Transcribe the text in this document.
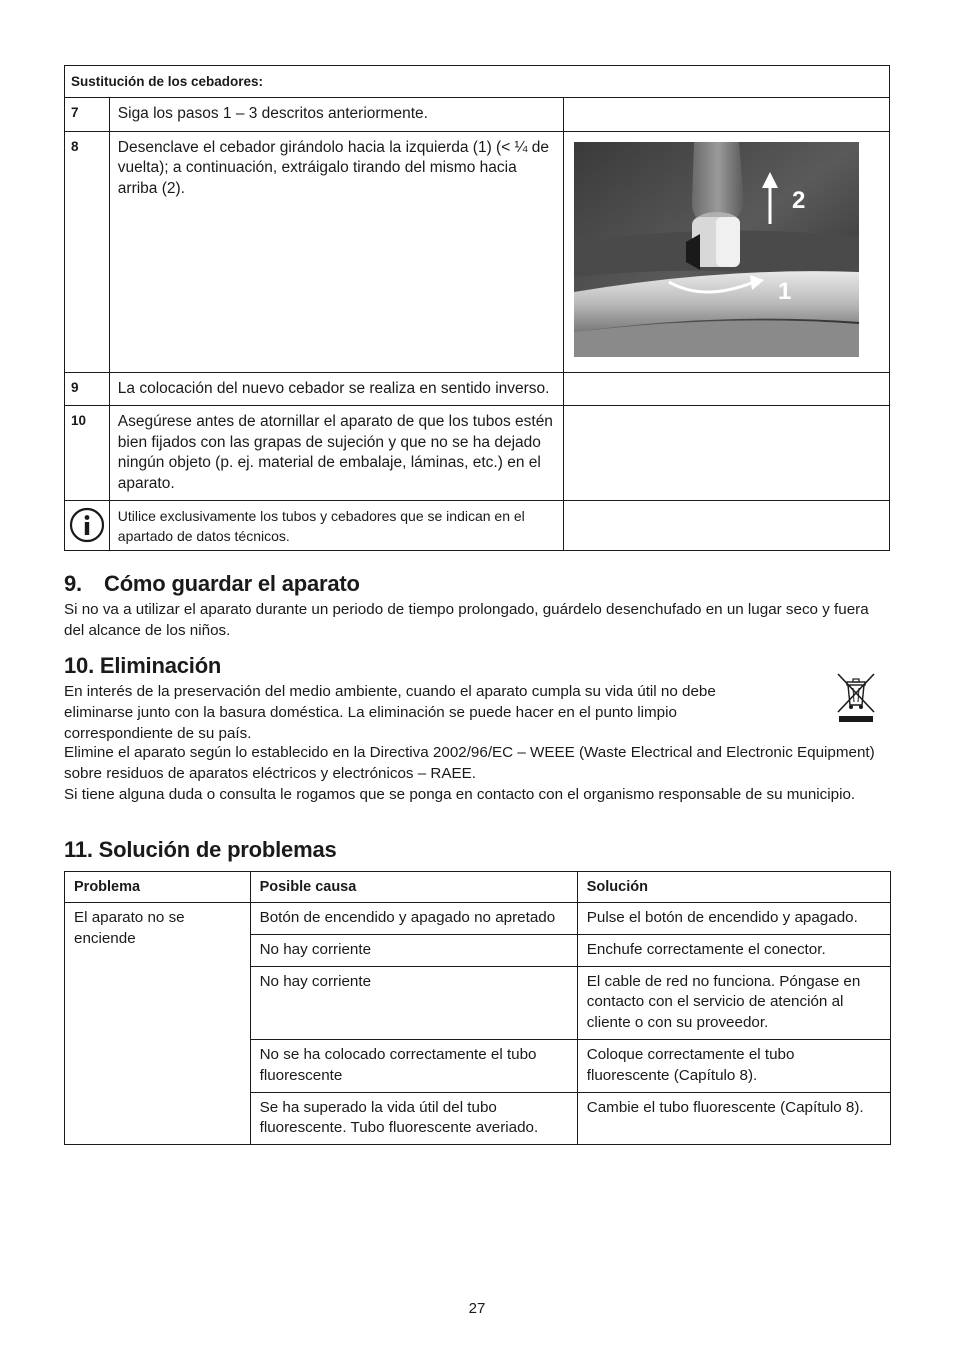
Sustitución de los cebadores:		
7	Siga los pasos 1 – 3 descritos anteriormente.	
8	Desenclave el cebador girándolo hacia la izquierda (1) (< ¼ de vuelta); a continuación, extráigalo tirando del mismo hacia arriba (2).	2
1

9	La colocación del nuevo cebador se realiza en sentido inverso.	
10	Asegúrese antes de atornillar el aparato de que los tubos estén bien fijados con las grapas de sujeción y que no se ha dejado ningún objeto (p. ej. material de embalaje, láminas, etc.) en el aparato.	
	Utilice exclusivamente los tubos y cebadores que se indican en el apartado de datos técnicos.	
9. Cómo guardar el aparato

Si no va a utilizar el aparato durante un periodo de tiempo prolongado, guárdelo desenchufado en un lugar seco y fuera del alcance de los niños.

10. Eliminación

En interés de la preservación del medio ambiente, cuando el aparato cumpla su vida útil no debe eliminarse junto con la basura doméstica. La eliminación se puede hacer en el punto limpio correspondiente de su país.

Elimine el aparato según lo establecido en la Directiva 2002/96/EC – WEEE (Waste Electrical and Electronic Equipment) sobre residuos de aparatos eléctricos y electrónicos – RAEE.

Si tiene alguna duda o consulta le rogamos que se ponga en contacto con el organismo responsable de su municipio.

11. Solución de problemas
Problema	Posible causa	Solución
El aparato no se enciende	Botón de encendido y apagado no apretado	Pulse el botón de encendido y apagado.
	No hay corriente	Enchufe correctamente el conector.
	No hay corriente	El cable de red no funciona. Póngase en contacto con el servicio de atención al cliente o con su proveedor.
	No se ha colocado correctamente el tubo fluorescente	Coloque correctamente el tubo fluorescente (Capítulo 8).
	Se ha superado la vida útil del tubo fluorescente. Tubo fluorescente averiado.	Cambie el tubo fluorescente (Capítulo 8).
27
